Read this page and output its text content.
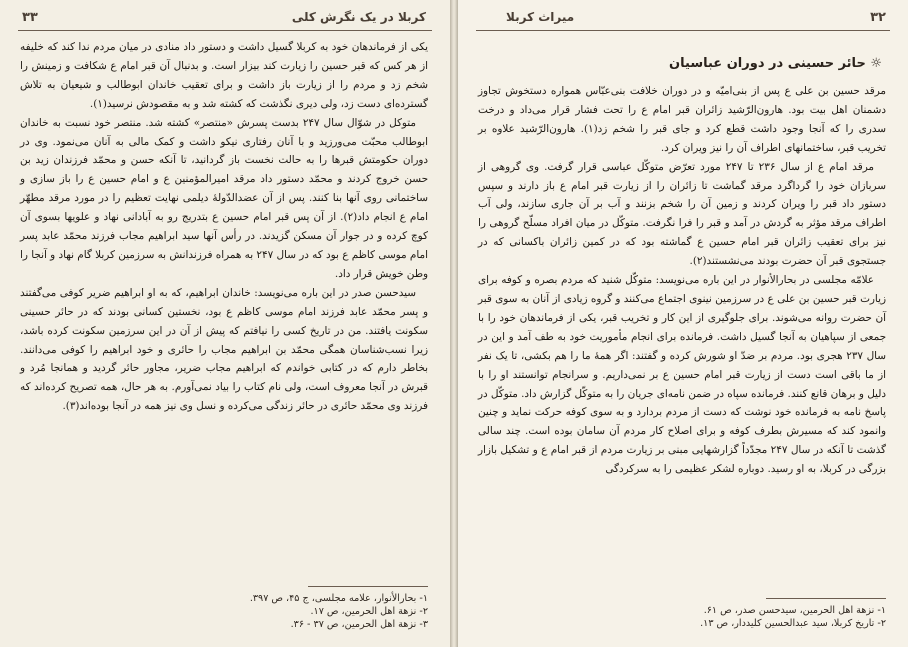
۳۳	کربلا در یک نگرش کلی

یکی از فرماندهان خود به کربلا گسیل داشت و دستور داد منادی در میان مردم ندا کند که خلیفه از هر کس که قبر حسین را زیارت کند بیزار است. و بدنبال آن قبر امام ع شکافت و زمینش را شخم زد و مردم را از زیارت باز داشت و برای تعقیب خاندان ابوطالب و شیعیان به تلاش گسترده‌ای دست زد، ولی دیری نگذشت که کشته شد و به مقصودش نرسید(۱).

متوکل در شوّال سال ۲۴۷ بدست پسرش «منتصر» کشته شد. منتصر خود نسبت به خاندان ابوطالب محبّت می‌ورزید و با آنان رفتاری نیکو داشت و کمک مالی به آنان می‌نمود. وی در دوران حکومتش قبرها را به حالت نخست باز گردانید، تا آنکه حسن و محمّد فرزندان زید بن حسن خروج کردند و محمّد دستور داد مرقد امیرالمؤمنین ع و امام حسین ع را باز سازی و ساختمانی روی آنها بنا کنند. پس از آن عضدالدّولهٔ دیلمی نهایت تعظیم را در مورد مرقد مطهّر امام ع انجام داد(۲). از آن پس قبر امام حسین ع بتدریج رو به آبادانی نهاد و علویها بسوی آن کوچ کرده و در جوار آن مسکن گزیدند. در رأس آنها سید ابراهیم مجاب فرزند محمّد عابد پسر امام موسی کاظم ع بود که در سال ۲۴۷ به همراه فرزندانش به سرزمین کربلا گام نهاد و آنجا را وطن خویش قرار داد.

سیدحسن صدر در این باره می‌نویسد: خاندان ابراهیم، که به او ابراهیم ضریر کوفی می‌گفتند و پسر محمّد عابد فرزند امام موسی کاظم ع بود، نخستین کسانی بودند که در حائر حسینی سکونت یافتند. من در تاریخ کسی را نیافتم که پیش از آن در این سرزمین سکونت کرده باشد، زیرا نسب‌شناسان همگی محمّد بن ابراهیم مجاب را حائری و خود ابراهیم را کوفی می‌دانند. بخاطر دارم که در کتابی خواندم که ابراهیم مجاب ضریر، مجاور حائر گردید و همانجا مُرد و قبرش در آنجا معروف است، ولی نام کتاب را بیاد نمی‌آورم. به هر حال، همه تصریح کرده‌اند که فرزند وی محمّد حائری در حائر زندگی می‌کرده و نسل وی نیز همه در آنجا بوده‌اند(۳).

۱- بحارالأنوار، علامه مجلسی، ج ۴۵، ص ۳۹۷.
۲- نزهة اهل الحرمین، ص ۱۷.
۳- نزهة اهل الحرمین، ص ۳۷ - ۳۶.
۳۲
میراث کربلا
☼ حائر حسینی در دوران عباسیان

مرقد حسین بن علی ع پس از بنی‌امیّه و در دوران خلافت بنی‌عبّاس همواره دستخوش تجاوز دشمنان اهل بیت بود. هارون‌الرّشید زائران قبر امام ع را تحت فشار قرار می‌داد و درخت سدری را که آنجا وجود داشت قطع کرد و جای قبر را شخم زد(۱). هارون‌الرّشید علاوه بر تخریب قبر، ساختمانهای اطراف آن را نیز ویران کرد.

مرقد امام ع از سال ۲۳۶ تا ۲۴۷ مورد تعرّض متوکّل عباسی قرار گرفت. وی گروهی از سربازان خود را گرداگرد مرقد گماشت تا زائران را از زیارت قبر امام ع باز دارند و سپس دستور داد قبر را ویران کردند و زمین آن را شخم بزنند و آب بر آن جاری سازند، ولی آب اطراف مرقد مؤثر به گردش در آمد و قبر را فرا نگرفت. متوکّل در میان افراد مسلّح گروهی را نیز برای تعقیب زائران قبر امام حسین ع گماشته بود که در کمین زائران باکسانی که در جستجوی قبر آن حضرت بودند می‌نشستند(۲).

علامّه مجلسی در بحارالأنوار در این باره می‌نویسد: متوکّل شنید که مردم بصره و کوفه برای زیارت قبر حسین بن علی ع در سرزمین نینوی اجتماع می‌کنند و گروه زیادی از آنان به سوی قبر آن حضرت روانه می‌شوند. برای جلوگیری از این کار و تخریب قبر، یکی از فرماندهان خود را با جمعی از سپاهیان به آنجا گسیل داشت. فرمانده برای انجام مأموریت خود به طف آمد و این در سال ۲۳۷ هجری بود. مردم بر ضدّ او شورش کرده و گفتند: اگر همهٔ ما را هم بکشی، تا یک نفر از ما باقی است دست از زیارت قبر امام حسین ع بر نمی‌داریم. و سرانجام توانستند او را با دلیل و برهان قانع کنند. فرمانده سپاه در ضمن نامه‌ای جریان را به متوکّل گزارش داد. متوکّل در پاسخ نامه به فرمانده خود نوشت که دست از مردم بردارد و به سوی کوفه حرکت نماید و چنین وانمود کند که مسیرش بطرف کوفه و برای اصلاح کار مردم آن سامان بوده است. چند سالی گذشت تا آنکه در سال ۲۴۷ مجدّداً گزارشهایی مبنی بر زیارت مردم از قبر امام ع و تشکیل بازار بزرگی در کربلا، به او رسید. دوباره لشکر عظیمی را به سرکردگی

۱- نزهة اهل الحرمین، سیدحسن صدر، ص ۶۱.
۲- تاریخ کربلا، سید عبدالحسین کلیددار، ص ۱۳.
